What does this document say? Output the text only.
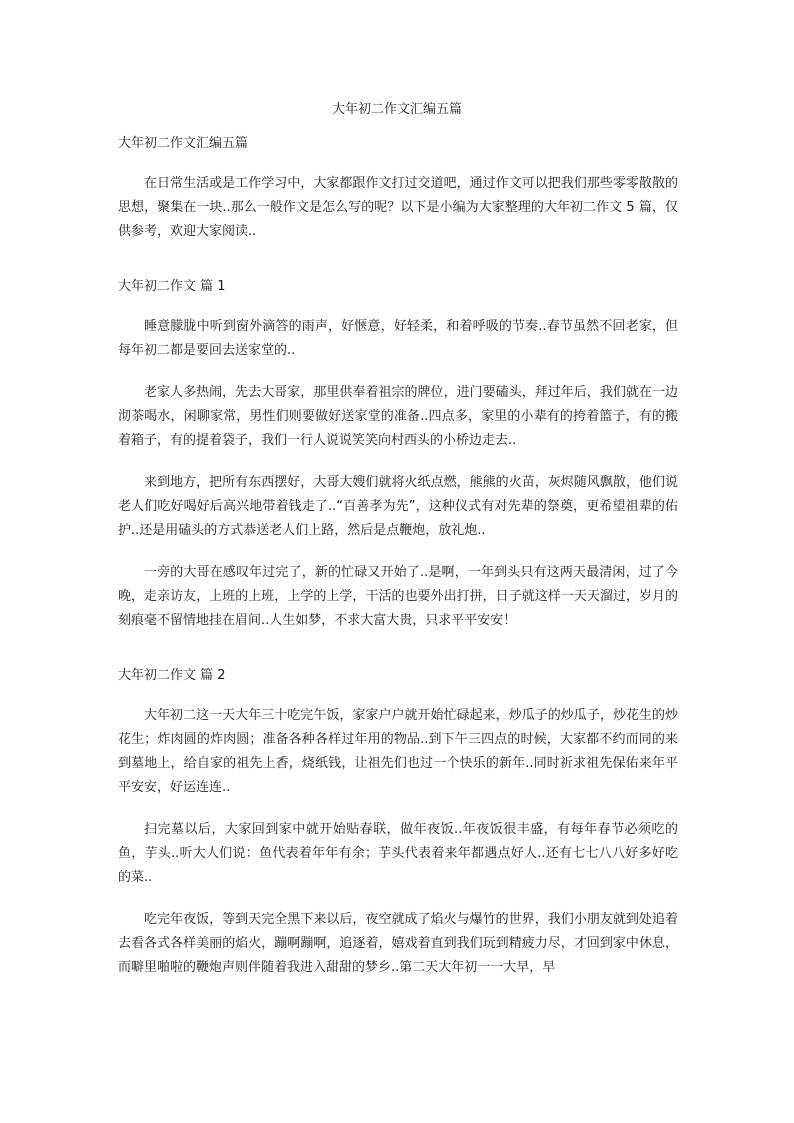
大年初二作文汇编五篇

大年初二作文汇编五篇

在日常生活或是工作学习中，大家都跟作文打过交道吧，通过作文可以把我们那些零零散散的思想，聚集在一块..那么一般作文是怎么写的呢？以下是小编为大家整理的大年初二作文 5 篇，仅供参考，欢迎大家阅读..

大年初二作文 篇 1

睡意朦胧中听到窗外滴答的雨声，好惬意，好轻柔，和着呼吸的节奏..春节虽然不回老家，但每年初二都是要回去送家堂的..

老家人多热闹，先去大哥家，那里供奉着祖宗的牌位，进门要磕头，拜过年后，我们就在一边沏茶喝水，闲聊家常，男性们则要做好送家堂的准备..四点多，家里的小辈有的挎着篮子，有的搬着箱子，有的提着袋子，我们一行人说说笑笑向村西头的小桥边走去..

来到地方，把所有东西摆好，大哥大嫂们就将火纸点燃，熊熊的火苗，灰烬随风飘散，他们说老人们吃好喝好后高兴地带着钱走了..“百善孝为先”，这种仪式有对先辈的祭奠，更希望祖辈的佑护..还是用磕头的方式恭送老人们上路，然后是点鞭炮，放礼炮..

一旁的大哥在感叹年过完了，新的忙碌又开始了..是啊，一年到头只有这两天最清闲，过了今晚，走亲访友，上班的上班，上学的上学，干活的也要外出打拼，日子就这样一天天溜过，岁月的刻痕毫不留情地挂在眉间..人生如梦，不求大富大贵，只求平平安安！

大年初二作文 篇 2

大年初二这一天大年三十吃完午饭，家家户户就开始忙碌起来，炒瓜子的炒瓜子，炒花生的炒花生；炸肉圆的炸肉圆；准备各种各样过年用的物品..到下午三四点的时候，大家都不约而同的来到墓地上，给自家的祖先上香，烧纸钱，让祖先们也过一个快乐的新年..同时祈求祖先保佑来年平平安安，好运连连..

扫完墓以后，大家回到家中就开始贴春联，做年夜饭..年夜饭很丰盛，有每年春节必须吃的鱼，芋头..听大人们说：鱼代表着年年有余；芋头代表着来年都遇点好人..还有七七八八好多好吃的菜..

吃完年夜饭，等到天完全黑下来以后，夜空就成了焰火与爆竹的世界，我们小朋友就到处追着去看各式各样美丽的焰火，蹦啊蹦啊，追逐着，嬉戏着直到我们玩到精疲力尽，才回到家中休息，而噼里啪啦的鞭炮声则伴随着我进入甜甜的梦乡..第二天大年初一一大早，早
